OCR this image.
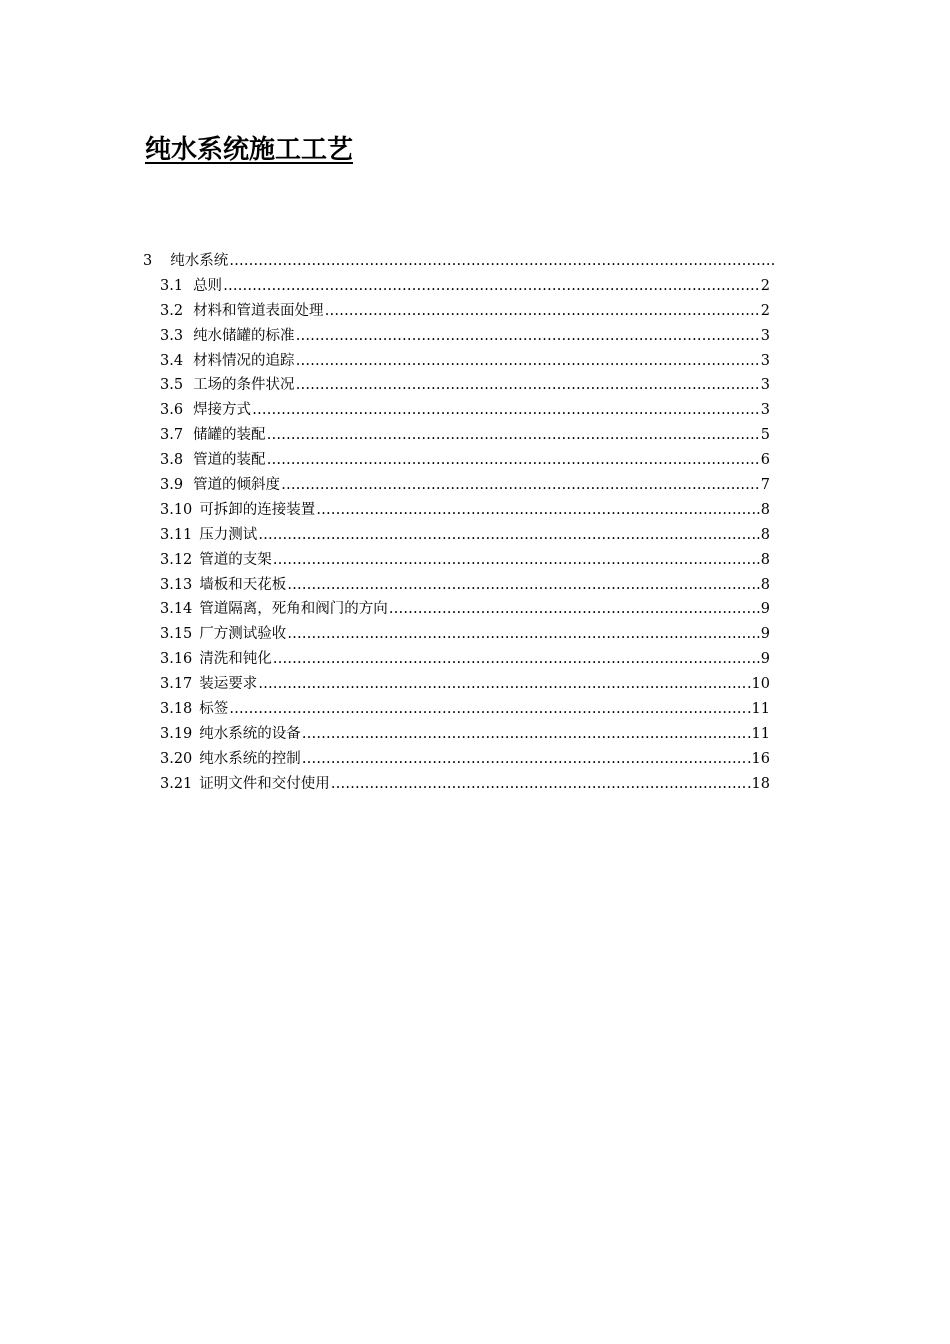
纯水系统施工工艺
3 纯水系统
……………………………………………………………………………………………………………………………………………………………………………………………………
3.1 总则 ……………………………………………………………………………………………………………………………………………………………………………………………………	2
3.2 材料和管道表面处理 ……………………………………………………………………………………………………………………………………………………………………………………………………	2
3.3 纯水储罐的标准 ……………………………………………………………………………………………………………………………………………………………………………………………………	3
3.4 材料情况的追踪 ……………………………………………………………………………………………………………………………………………………………………………………………………	3
3.5 工场的条件状况 ……………………………………………………………………………………………………………………………………………………………………………………………………	3
3.6 焊接方式 ……………………………………………………………………………………………………………………………………………………………………………………………………	3
3.7 储罐的装配 ……………………………………………………………………………………………………………………………………………………………………………………………………	5
3.8 管道的装配 ……………………………………………………………………………………………………………………………………………………………………………………………………	6
3.9 管道的倾斜度 ……………………………………………………………………………………………………………………………………………………………………………………………………	7
3.10 可拆卸的连接装置 ……………………………………………………………………………………………………………………………………………………………………………………………………	..8
3.11 压力测试 ……………………………………………………………………………………………………………………………………………………………………………………………………	..8
3.12 管道的支架 ……………………………………………………………………………………………………………………………………………………………………………………………………	..8
3.13 墙板和天花板 ……………………………………………………………………………………………………………………………………………………………………………………………………	..8
3.14 管道隔离，死角和阀门的方向 ……………………………………………………………………………………………………………………………………………………………………………………………………	..9
3.15 厂方测试验收 ……………………………………………………………………………………………………………………………………………………………………………………………………	..9
3.16 清洗和钝化 ……………………………………………………………………………………………………………………………………………………………………………………………………	..9
3.17 装运要求 ……………………………………………………………………………………………………………………………………………………………………………………………………	.10
3.18 标签 ……………………………………………………………………………………………………………………………………………………………………………………………………	.11
3.19 纯水系统的设备 ……………………………………………………………………………………………………………………………………………………………………………………………………	.11
3.20 纯水系统的控制 ……………………………………………………………………………………………………………………………………………………………………………………………………	.16
3.21 证明文件和交付使用 ……………………………………………………………………………………………………………………………………………………………………………………………………	.18
